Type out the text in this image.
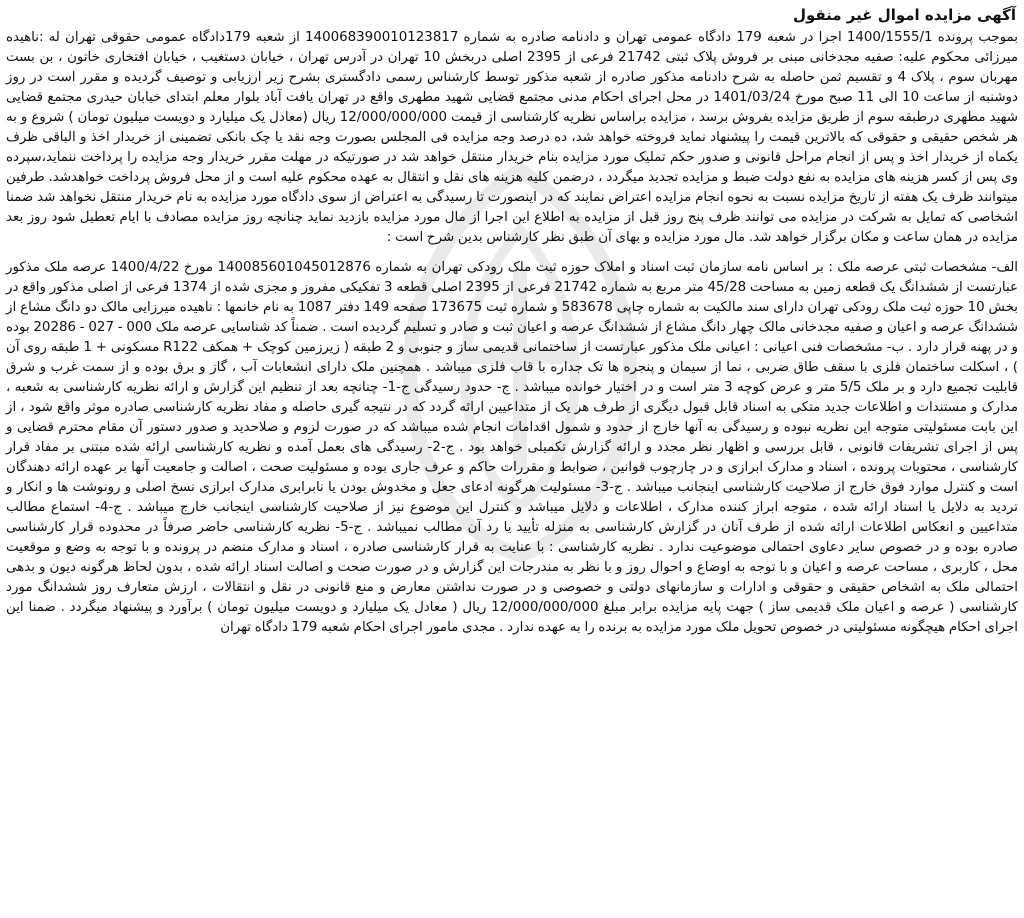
آگهی مزایده اموال غیر منقول

بموجب پرونده 1400/1555/1 اجرا در شعبه 179 دادگاه عمومی تهران و دادنامه صادره به شماره 140068390010123817 از شعبه 179دادگاه عمومی حقوقی تهران له :ناهیده میرزائی محکوم علیه: صفیه مجدخانی مبنی بر فروش پلاک ثبتی 21742 فرعی از 2395 اصلی دربخش 10 تهران در آدرس تهران ، خیابان دستغیب ، خیابان افتخاری خاتون ، بن بست مهربان سوم ، پلاک 4 و تقسیم ثمن حاصله به شرح دادنامه مذکور صادره از شعبه مذکور توسط کارشناس رسمی دادگستری بشرح زیر ارزیابی و توصیف گردیده و مقرر است در روز دوشنبه از ساعت 10 الی 11 صبح مورخ 1401/03/24 در محل اجرای احکام مدنی مجتمع قضایی شهید مطهری واقع در تهران یافت آباد بلوار معلم ابتدای خیابان حیدری مجتمع قضایی شهید مطهری درطبقه سوم از طریق مزایده بفروش برسد ، مزایده براساس نظریه کارشناسی از قیمت 12/000/000/000 ریال (معادل یک میلیارد و دویست میلیون تومان ) شروع و به هر شخص حقیقی و حقوقی که بالاترین قیمت را پیشنهاد نماید فروخته خواهد شد، ده درصد وجه مزایده فی المجلس بصورت وجه نقد یا چک بانکی تضمینی از خریدار اخذ و الباقی ظرف یکماه از خریدار اخذ و پس از انجام مراحل قانونی و صدور حکم تملیک مورد مزایده بنام خریدار منتقل خواهد شد در صورتیکه در مهلت مقرر خریدار وجه مزایده را پرداخت ننماید،سپرده وی پس از کسر هزینه های مزایده به نفع دولت ضبط و مزایده تجدید میگردد ، درضمن کلیه هزینه های نقل و انتقال به عهده محکوم علیه است و از محل فروش پرداخت خواهدشد. طرفین میتوانند ظرف یک هفته از تاریخ مزایده نسبت به نحوه انجام مزایده اعتراض نمایند که در اینصورت تا رسیدگی به اعتراض از سوی دادگاه مورد مزایده به نام خریدار منتقل نخواهد شد ضمنا اشخاصی که تمایل به شرکت در مزایده می توانند ظرف پنج روز قبل از مزایده به اطلاع این اجرا از مال مورد مزایده بازدید نماید چنانچه روز مزایده مصادف با ایام تعطیل شود روز بعد مزایده در همان ساعت و مکان برگزار خواهد شد. مال مورد مزایده و بهای آن طبق نظر کارشناس بدین شرح است :

الف- مشخصات ثبتی عرصه ملک : بر اساس نامه سازمان ثبت اسناد و املاک حوزه ثبت ملک رودکی تهران به شماره 140085601045012876 مورخ 1400/4/22 عرصه ملک مذکور عبارتست از ششدانگ یک قطعه زمین به مساحت 45/28 متر مربع به شماره 21742 فرعی از 2395 اصلی قطعه 3 تفکیکی مفروز و مجزی شده از 1374 فرعی از اصلی مذکور واقع در بخش 10 حوزه ثبت ملک رودکی تهران دارای سند مالکیت به شماره چاپی 583678 و شماره ثبت 173675 صفحه 149 دفتر 1087 به نام خانمها : ناهیده میرزایی مالک دو دانگ مشاع از ششدانگ عرصه و اعیان و صفیه مجدخانی مالک چهار دانگ مشاع از ششدانگ عرصه و اعیان ثبت و صادر و تسلیم گردیده است . ضمناً کد شناسایی عرصه ملک 000 - 027 - 20286 بوده و در پهنه قرار دارد . ب- مشخصات فنی اعیانی : اعیانی ملک مذکور عبارتست از ساختمانی قدیمی ساز و جنوبی و 2 طبقه ( زیرزمین کوچک + همکف R122 مسکونی + 1 طبقه روی آن ) ، اسکلت ساختمان فلزی با سقف طاق ضربی ، نما از سیمان و پنجره ها تک جداره با قاب فلزی میباشد . همچنین ملک دارای انشعابات آب ، گاز و برق بوده و از سمت غرب و شرق قابلیت تجمیع دارد و بر ملک 5/5 متر و عرض کوچه 3 متر است و در اختیار خوانده میباشد . ج- حدود رسیدگی ج-1- چنانچه بعد از تنظیم این گزارش و ارائه نظریه کارشناسی به شعبه ، مدارک و مستندات و اطلاعات جدید متکی به اسناد قابل قبول دیگری از طرف هر یک از متداعیین ارائه گردد که در نتیجه گیری حاصله و مفاد نظریه کارشناسی صادره موثر واقع شود ، از این بابت مسئولیتی متوجه این نظریه نبوده و رسیدگی به آنها خارج از حدود و شمول اقدامات انجام شده میباشد که در صورت لزوم و صلاحدید و صدور دستور آن مقام محترم قضایی و پس از اجرای تشریفات قانونی ، قابل بررسی و اظهار نظر مجدد و ارائه گزارش تکمیلی خواهد بود . ج-2- رسیدگی های بعمل آمده و نظریه کارشناسی ارائه شده مبتنی بر مفاد قرار کارشناسی ، محتویات پرونده ، اسناد و مدارک ابرازی و در چارچوب قوانین ، ضوابط و مقررات حاکم و عرف جاری بوده و مسئولیت صحت ، اصالت و جامعیت آنها بر عهده ارائه دهندگان است و کنترل موارد فوق خارج از صلاحیت کارشناسی اینجانب میباشد . ج-3- مسئولیت هرگونه ادعای جعل و مخدوش بودن یا نابرابری مدارک ابرازی نسخ اصلی و رونوشت ها و انکار و تردید به دلایل یا اسناد ارائه شده ، متوجه ابراز کننده مدارک ، اطلاعات و دلایل میباشد و کنترل این موضوع نیز از صلاحیت کارشناسی اینجانب خارج میباشد . ج-4- استماع مطالب متداعیین و انعکاس اطلاعات ارائه شده از طرف آنان در گزارش کارشناسی به منزله تأیید یا رد آن مطالب نمیباشد . ج-5- نظریه کارشناسی حاضر صرفاً در محدوده قرار کارشناسی صادره بوده و در خصوص سایر دعاوی احتمالی موضوعیت ندارد . نظریه کارشناسی : با عنایت به قرار کارشناسی صادره ، اسناد و مدارک منضم در پرونده و با توجه به وضع و موقعیت محل ، کاربری ، مساحت عرصه و اعیان و با توجه به اوضاع و احوال روز و با نظر به مندرجات این گزارش و در صورت صحت و اصالت اسناد ارائه شده ، بدون لحاظ هرگونه دیون و بدهی احتمالی ملک به اشخاص حقیقی و حقوقی و ادارات و سازمانهای دولتی و خصوصی و در صورت نداشتن معارض و منع قانونی در نقل و انتقالات ، ارزش متعارف روز ششدانگ مورد کارشناسی ( عرصه و اعیان ملک قدیمی ساز ) جهت پایه مزایده برابر مبلغ 12/000/000/000 ریال ( معادل یک میلیارد و دویست میلیون تومان ) برآورد و پیشنهاد میگردد . ضمنا این اجرای احکام هیچگونه مسئولیتی در خصوص تحویل ملک مورد مزایده به برنده را به عهده ندارد . مجدی مامور اجرای احکام شعبه 179 دادگاه تهران
